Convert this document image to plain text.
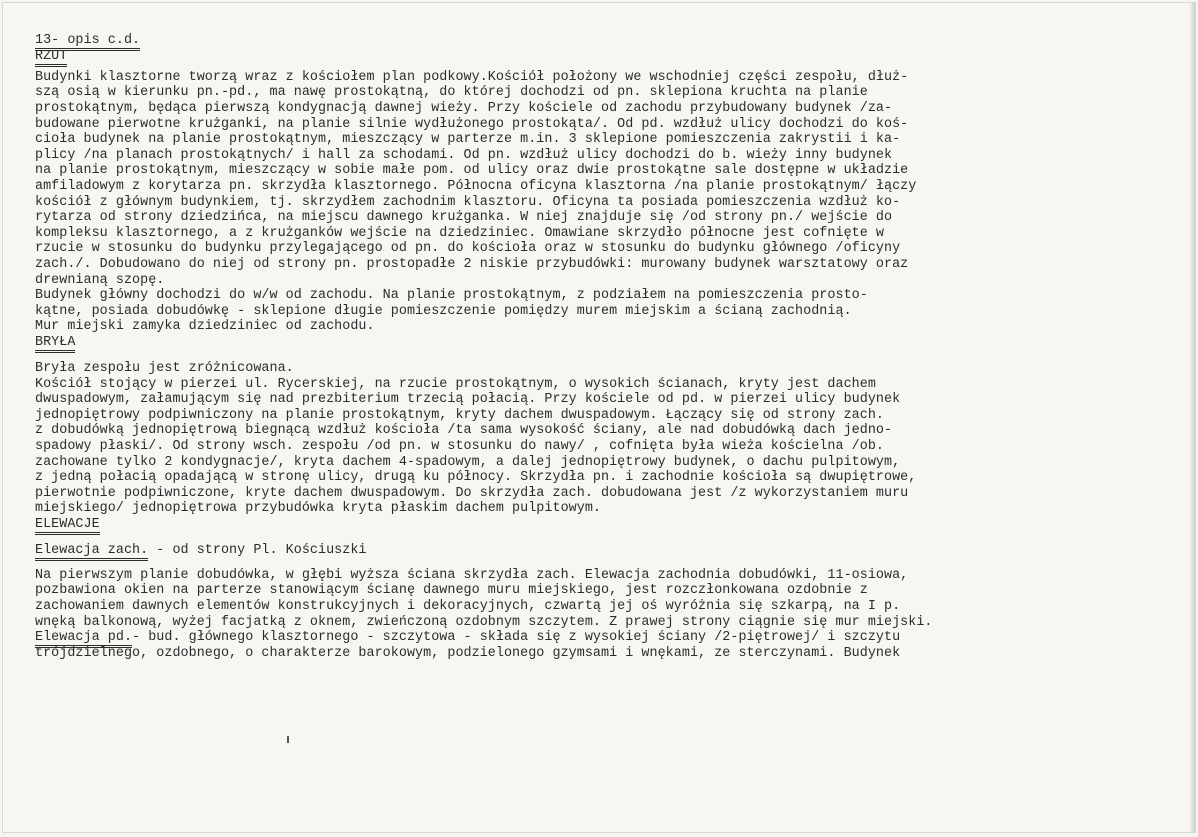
13- opis c.d.
RZUT
Budynki klasztorne tworzą wraz z kościołem plan podkowy.Kościół położony we wschodniej części zespołu, dłuż-
szą osią w kierunku pn.-pd., ma nawę prostokątną, do której dochodzi od pn. sklepiona kruchta na planie
prostokątnym, będąca pierwszą kondygnacją dawnej wieży. Przy kościele od zachodu przybudowany budynek /za-
budowane pierwotne krużganki, na planie silnie wydłużonego prostokąta/. Od pd. wzdłuż ulicy dochodzi do koś-
cioła budynek na planie prostokątnym, mieszczący w parterze m.in. 3 sklepione pomieszczenia zakrystii i ka-
plicy /na planach prostokątnych/ i hall za schodami. Od pn. wzdłuż ulicy dochodzi do b. wieży inny budynek
na planie prostokątnym, mieszczący w sobie małe pom. od ulicy oraz dwie prostokątne sale dostępne w układzie
amfiladowym z korytarza pn. skrzydła klasztornego. Północna oficyna klasztorna /na planie prostokątnym/ łączy
kościół z głównym budynkiem, tj. skrzydłem zachodnim klasztoru. Oficyna ta posiada pomieszczenia wzdłuż ko-
rytarza od strony dziedzińca, na miejscu dawnego krużganka. W niej znajduje się /od strony pn./ wejście do
kompleksu klasztornego, a z krużganków wejście na dziedziniec. Omawiane skrzydło północne jest cofnięte w
rzucie w stosunku do budynku przylegającego od pn. do kościoła oraz w stosunku do budynku głównego /oficyny
zach./. Dobudowano do niej od strony pn. prostopadłe 2 niskie przybudówki: murowany budynek warsztatowy oraz
drewnianą szopę.
Budynek główny dochodzi do w/w od zachodu. Na planie prostokątnym, z podziałem na pomieszczenia prosto-
kątne, posiada dobudówkę - sklepione długie pomieszczenie pomiędzy murem miejskim a ścianą zachodnią.
Mur miejski zamyka dziedziniec od zachodu.
BRYŁA
Bryła zespołu jest zróżnicowana.
Kościół stojący w pierzei ul. Rycerskiej, na rzucie prostokątnym, o wysokich ścianach, kryty jest dachem
dwuspadowym, załamującym się nad prezbiterium trzecią połacią. Przy kościele od pd. w pierzei ulicy budynek
jednopiętrowy podpiwniczony na planie prostokątnym, kryty dachem dwuspadowym. Łączący się od strony zach.
z dobudówką jednopiętrową biegnącą wzdłuż kościoła /ta sama wysokość ściany, ale nad dobudówką dach jedno-
spadowy płaski/. Od strony wsch. zespołu /od pn. w stosunku do nawy/ , cofnięta była wieża kościelna /ob.
zachowane tylko 2 kondygnacje/, kryta dachem 4-spadowym, a dalej jednopiętrowy budynek, o dachu pulpitowym,
z jedną połacią opadającą w stronę ulicy, drugą ku północy. Skrzydła pn. i zachodnie kościoła są dwupiętrowe,
pierwotnie podpiwniczone, kryte dachem dwuspadowym. Do skrzydła zach. dobudowana jest /z wykorzystaniem muru
miejskiego/ jednopiętrowa przybudówka kryta płaskim dachem pulpitowym.
ELEWACJE
Elewacja zach. - od strony Pl. Kościuszki
Na pierwszym planie dobudówka, w głębi wyższa ściana skrzydła zach. Elewacja zachodnia dobudówki, 11-osiowa,
pozbawiona okien na parterze stanowiącym ścianę dawnego muru miejskiego, jest rozczłonkowana ozdobnie z
zachowaniem dawnych elementów konstrukcyjnych i dekoracyjnych, czwartą jej oś wyróżnia się szkarpą, na I p.
wnęką balkonową, wyżej facjatką z oknem, zwieńczoną ozdobnym szczytem. Z prawej strony ciągnie się mur miejski.
Elewacja pd.- bud. głównego klasztornego - szczytowa - składa się z wysokiej ściany /2-piętrowej/ i szczytu
trójdzielnego, ozdobnego, o charakterze barokowym, podzielonego gzymsami i wnękami, ze sterczynami. Budynek
